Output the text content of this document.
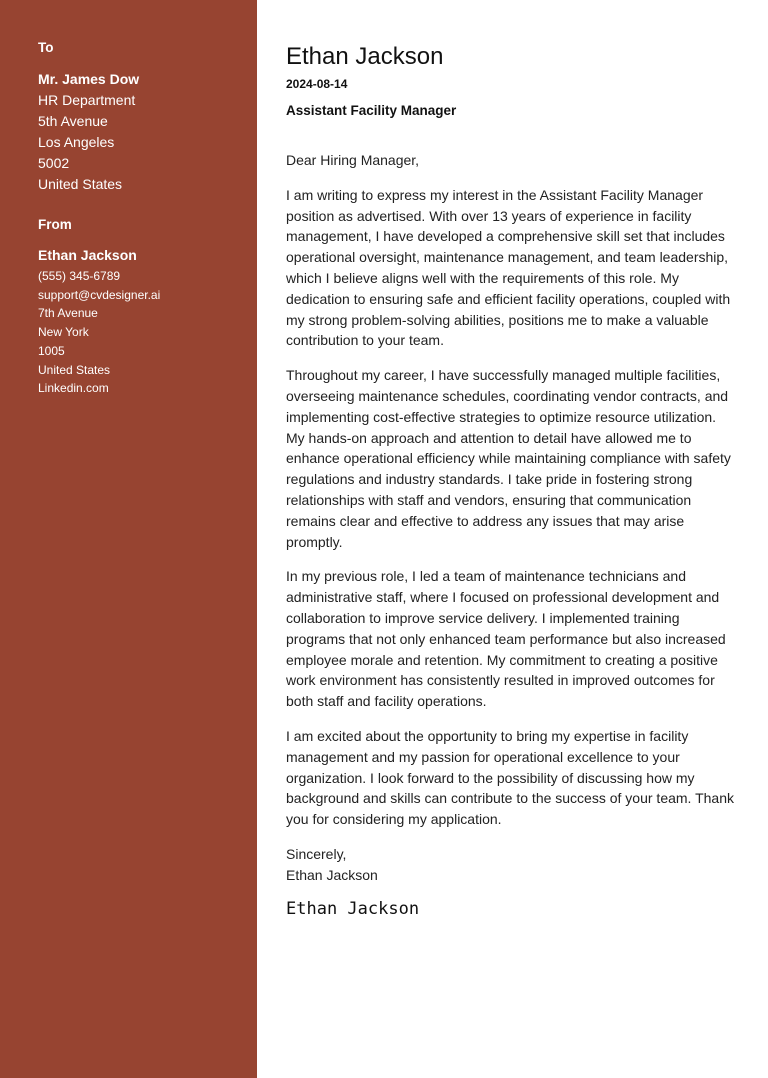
To

Mr. James Dow

HR Department

5th Avenue

Los Angeles

5002

United States

From

Ethan Jackson

(555) 345-6789

support@cvdesigner.ai

7th Avenue

New York

1005

United States

Linkedin.com

Ethan Jackson

2024-08-14

Assistant Facility Manager

Dear Hiring Manager,

I am writing to express my interest in the Assistant Facility Manager position as advertised. With over 13 years of experience in facility management, I have developed a comprehensive skill set that includes operational oversight, maintenance management, and team leadership, which I believe aligns well with the requirements of this role. My dedication to ensuring safe and efficient facility operations, coupled with my strong problem-solving abilities, positions me to make a valuable contribution to your team.

Throughout my career, I have successfully managed multiple facilities, overseeing maintenance schedules, coordinating vendor contracts, and implementing cost-effective strategies to optimize resource utilization. My hands-on approach and attention to detail have allowed me to enhance operational efficiency while maintaining compliance with safety regulations and industry standards. I take pride in fostering strong relationships with staff and vendors, ensuring that communication remains clear and effective to address any issues that may arise promptly.

In my previous role, I led a team of maintenance technicians and administrative staff, where I focused on professional development and collaboration to improve service delivery. I implemented training programs that not only enhanced team performance but also increased employee morale and retention. My commitment to creating a positive work environment has consistently resulted in improved outcomes for both staff and facility operations.

I am excited about the opportunity to bring my expertise in facility management and my passion for operational excellence to your organization. I look forward to the possibility of discussing how my background and skills can contribute to the success of your team. Thank you for considering my application.

Sincerely,
Ethan Jackson

Ethan Jackson
